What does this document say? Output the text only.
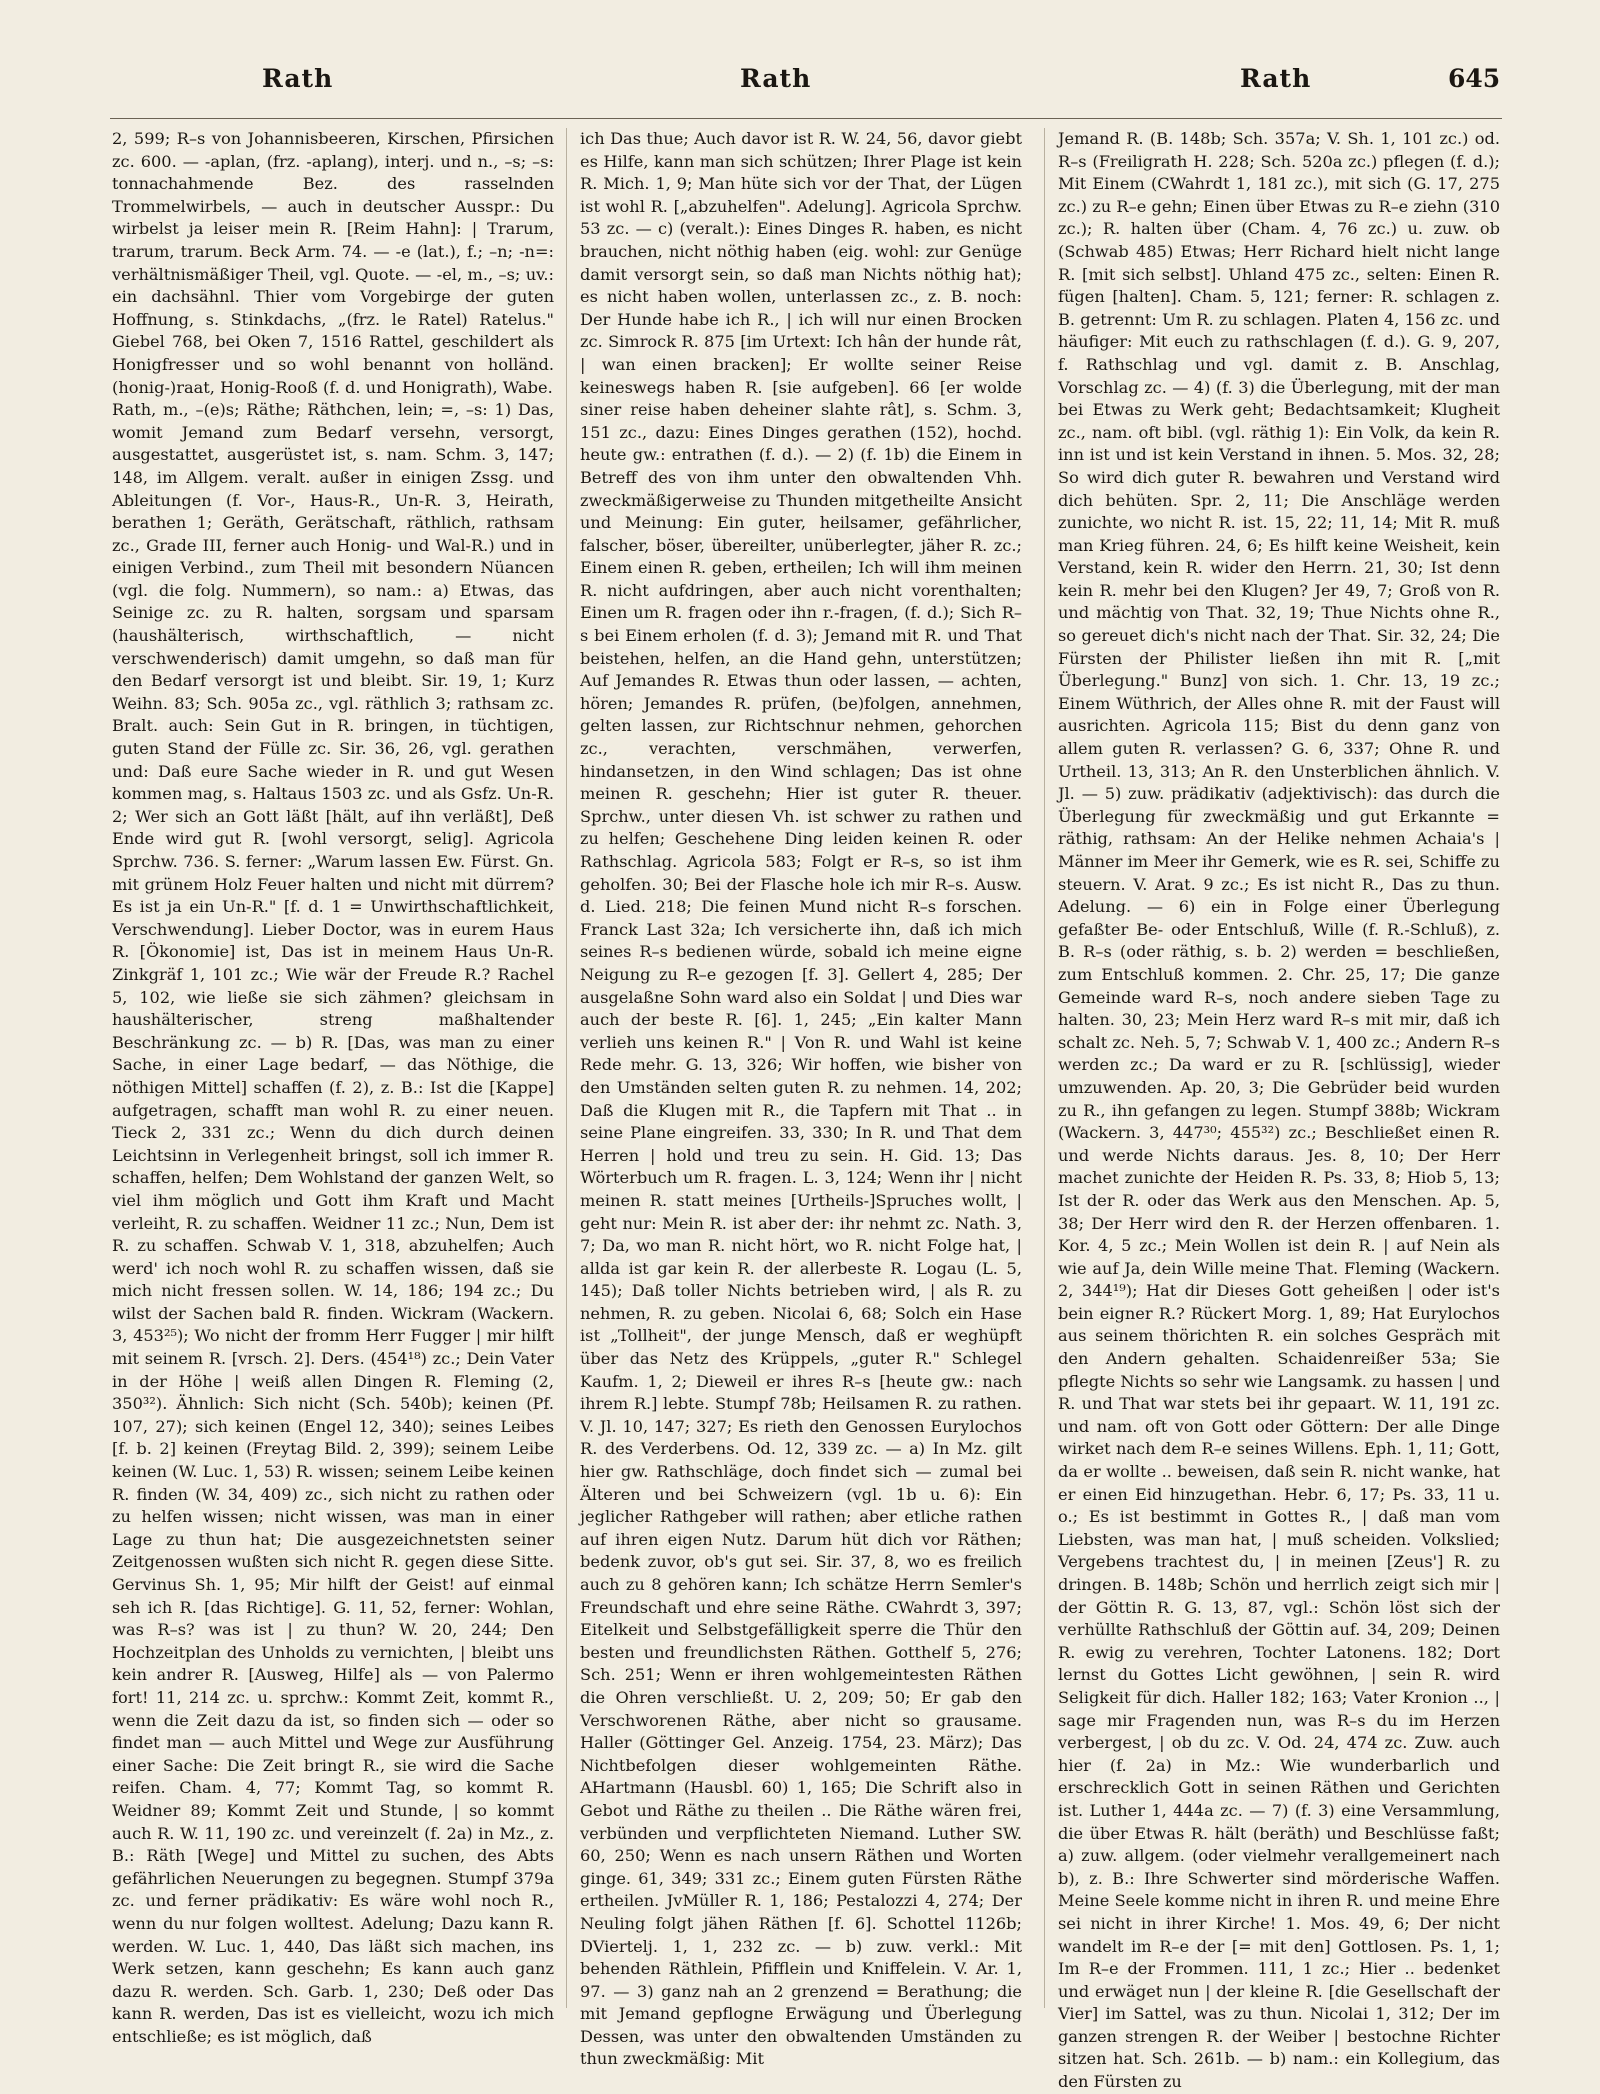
Rath	Rath	Rath	645

2, 599; R–s von Johannisbeeren, Kirschen, Pfirsichen zc. 600. — -aplan, (frz. -aplang), interj. und n., –s; –s: tonnachahmende Bez. des rasselnden Trommelwirbels, — auch in deutscher Ausspr.: Du wirbelst ja leiser mein R. [Reim Hahn]: | Trarum, trarum, trarum. Beck Arm. 74. — -e (lat.), f.; –n; -n=: verhältnismäßiger Theil, vgl. Quote. — -el, m., –s; uv.: ein dachsähnl. Thier vom Vorgebirge der guten Hoffnung, s. Stinkdachs, „(frz. le Ratel) Ratelus." Giebel 768, bei Oken 7, 1516 Rattel, geschildert als Honigfresser und so wohl benannt von holländ. (honig-)raat, Honig-Rooß (f. d. und Honigrath), Wabe.

Rath, m., –(e)s; Räthe; Räthchen, lein; =, –s: 1) Das, womit Jemand zum Bedarf versehn, versorgt, ausgestattet, ausgerüstet ist, s. nam. Schm. 3, 147; 148, im Allgem. veralt. außer in einigen Zssg. und Ableitungen (f. Vor-, Haus-R., Un-R. 3, Heirath, berathen 1; Geräth, Gerätschaft, räthlich, rathsam zc., Grade III, ferner auch Honig- und Wal-R.) und in einigen Verbind., zum Theil mit besondern Nüancen (vgl. die folg. Nummern), so nam.: a) Etwas, das Seinige zc. zu R. halten, sorgsam und sparsam (haushälterisch, wirthschaftlich, — nicht verschwenderisch) damit umgehn, so daß man für den Bedarf versorgt ist und bleibt. Sir. 19, 1; Kurz Weihn. 83; Sch. 905a zc., vgl. räthlich 3; rathsam zc. Bralt. auch: Sein Gut in R. bringen, in tüchtigen, guten Stand der Fülle zc. Sir. 36, 26, vgl. gerathen und: Daß eure Sache wieder in R. und gut Wesen kommen mag, s. Haltaus 1503 zc. und als Gsfz. Un-R. 2; Wer sich an Gott läßt [hält, auf ihn verläßt], Deß Ende wird gut R. [wohl versorgt, selig]. Agricola Sprchw. 736. S. ferner: „Warum lassen Ew. Fürst. Gn. mit grünem Holz Feuer halten und nicht mit dürrem? Es ist ja ein Un-R." [f. d. 1 = Unwirthschaftlichkeit, Verschwendung]. Lieber Doctor, was in eurem Haus R. [Ökonomie] ist, Das ist in meinem Haus Un-R. Zinkgräf 1, 101 zc.; Wie wär der Freude R.? Rachel 5, 102, wie ließe sie sich zähmen? gleichsam in haushälterischer, streng maßhaltender Beschränkung zc. — b) R. [Das, was man zu einer Sache, in einer Lage bedarf, — das Nöthige, die nöthigen Mittel] schaffen (f. 2), z. B.: Ist die [Kappe] aufgetragen, schafft man wohl R. zu einer neuen. Tieck 2, 331 zc.; Wenn du dich durch deinen Leichtsinn in Verlegenheit bringst, soll ich immer R. schaffen, helfen; Dem Wohlstand der ganzen Welt, so viel ihm möglich und Gott ihm Kraft und Macht verleiht, R. zu schaffen. Weidner 11 zc.; Nun, Dem ist R. zu schaffen. Schwab V. 1, 318, abzuhelfen; Auch werd' ich noch wohl R. zu schaffen wissen, daß sie mich nicht fressen sollen. W. 14, 186; 194 zc.; Du wilst der Sachen bald R. finden. Wickram (Wackern. 3, 453²⁵); Wo nicht der fromm Herr Fugger | mir hilft mit seinem R. [vrsch. 2]. Ders. (454¹⁸) zc.; Dein Vater in der Höhe | weiß allen Dingen R. Fleming (2, 350³²). Ähnlich: Sich nicht (Sch. 540b); keinen (Pf. 107, 27); sich keinen (Engel 12, 340); seines Leibes [f. b. 2] keinen (Freytag Bild. 2, 399); seinem Leibe keinen (W. Luc. 1, 53) R. wissen; seinem Leibe keinen R. finden (W. 34, 409) zc., sich nicht zu rathen oder zu helfen wissen; nicht wissen, was man in einer Lage zu thun hat; Die ausgezeichnetsten seiner Zeitgenossen wußten sich nicht R. gegen diese Sitte. Gervinus Sh. 1, 95; Mir hilft der Geist! auf einmal seh ich R. [das Richtige]. G. 11, 52, ferner: Wohlan, was R–s? was ist | zu thun? W. 20, 244; Den Hochzeitplan des Unholds zu vernichten, | bleibt uns kein andrer R. [Ausweg, Hilfe] als — von Palermo fort! 11, 214 zc. u. sprchw.: Kommt Zeit, kommt R., wenn die Zeit dazu da ist, so finden sich — oder so findet man — auch Mittel und Wege zur Ausführung einer Sache: Die Zeit bringt R., sie wird die Sache reifen. Cham. 4, 77; Kommt Tag, so kommt R. Weidner 89; Kommt Zeit und Stunde, | so kommt auch R. W. 11, 190 zc. und vereinzelt (f. 2a) in Mz., z. B.: Räth [Wege] und Mittel zu suchen, des Abts gefährlichen Neuerungen zu begegnen. Stumpf 379a zc. und ferner prädikativ: Es wäre wohl noch R., wenn du nur folgen wolltest. Adelung; Dazu kann R. werden. W. Luc. 1, 440, Das läßt sich machen, ins Werk setzen, kann geschehn; Es kann auch ganz dazu R. werden. Sch. Garb. 1, 230; Deß oder Das kann R. werden, Das ist es vielleicht, wozu ich mich entschließe; es ist möglich, daß

ich Das thue; Auch davor ist R. W. 24, 56, davor giebt es Hilfe, kann man sich schützen; Ihrer Plage ist kein R. Mich. 1, 9; Man hüte sich vor der That, der Lügen ist wohl R. [„abzuhelfen". Adelung]. Agricola Sprchw. 53 zc. — c) (veralt.): Eines Dinges R. haben, es nicht brauchen, nicht nöthig haben (eig. wohl: zur Genüge damit versorgt sein, so daß man Nichts nöthig hat); es nicht haben wollen, unterlassen zc., z. B. noch: Der Hunde habe ich R., | ich will nur einen Brocken zc. Simrock R. 875 [im Urtext: Ich hân der hunde rât, | wan einen bracken]; Er wollte seiner Reise keineswegs haben R. [sie aufgeben]. 66 [er wolde siner reise haben deheiner slahte rât], s. Schm. 3, 151 zc., dazu: Eines Dinges gerathen (152), hochd. heute gw.: entrathen (f. d.). — 2) (f. 1b) die Einem in Betreff des von ihm unter den obwaltenden Vhh. zweckmäßigerweise zu Thunden mitgetheilte Ansicht und Meinung: Ein guter, heilsamer, gefährlicher, falscher, böser, übereilter, unüberlegter, jäher R. zc.; Einem einen R. geben, ertheilen; Ich will ihm meinen R. nicht aufdringen, aber auch nicht vorenthalten; Einen um R. fragen oder ihn r.-fragen, (f. d.); Sich R–s bei Einem erholen (f. d. 3); Jemand mit R. und That beistehen, helfen, an die Hand gehn, unterstützen; Auf Jemandes R. Etwas thun oder lassen, — achten, hören; Jemandes R. prüfen, (be)folgen, annehmen, gelten lassen, zur Richtschnur nehmen, gehorchen zc., verachten, verschmähen, verwerfen, hindansetzen, in den Wind schlagen; Das ist ohne meinen R. geschehn; Hier ist guter R. theuer. Sprchw., unter diesen Vh. ist schwer zu rathen und zu helfen; Geschehene Ding leiden keinen R. oder Rathschlag. Agricola 583; Folgt er R–s, so ist ihm geholfen. 30; Bei der Flasche hole ich mir R–s. Ausw. d. Lied. 218; Die feinen Mund nicht R–s forschen. Franck Last 32a; Ich versicherte ihn, daß ich mich seines R–s bedienen würde, sobald ich meine eigne Neigung zu R–e gezogen [f. 3]. Gellert 4, 285; Der ausgelaßne Sohn ward also ein Soldat | und Dies war auch der beste R. [6]. 1, 245; „Ein kalter Mann verlieh uns keinen R." | Von R. und Wahl ist keine Rede mehr. G. 13, 326; Wir hoffen, wie bisher von den Umständen selten guten R. zu nehmen. 14, 202; Daß die Klugen mit R., die Tapfern mit That .. in seine Plane eingreifen. 33, 330; In R. und That dem Herren | hold und treu zu sein. H. Gid. 13; Das Wörterbuch um R. fragen. L. 3, 124; Wenn ihr | nicht meinen R. statt meines [Urtheils-]Spruches wollt, | geht nur: Mein R. ist aber der: ihr nehmt zc. Nath. 3, 7; Da, wo man R. nicht hört, wo R. nicht Folge hat, | allda ist gar kein R. der allerbeste R. Logau (L. 5, 145); Daß toller Nichts betrieben wird, | als R. zu nehmen, R. zu geben. Nicolai 6, 68; Solch ein Hase ist „Tollheit", der junge Mensch, daß er weghüpft über das Netz des Krüppels, „guter R." Schlegel Kaufm. 1, 2; Dieweil er ihres R–s [heute gw.: nach ihrem R.] lebte. Stumpf 78b; Heilsamen R. zu rathen. V. Jl. 10, 147; 327; Es rieth den Genossen Eurylochos R. des Verderbens. Od. 12, 339 zc. — a) In Mz. gilt hier gw. Rathschläge, doch findet sich — zumal bei Älteren und bei Schweizern (vgl. 1b u. 6): Ein jeglicher Rathgeber will rathen; aber etliche rathen auf ihren eigen Nutz. Darum hüt dich vor Räthen; bedenk zuvor, ob's gut sei. Sir. 37, 8, wo es freilich auch zu 8 gehören kann; Ich schätze Herrn Semler's Freundschaft und ehre seine Räthe. CWahrdt 3, 397; Eitelkeit und Selbstgefälligkeit sperre die Thür den besten und freundlichsten Räthen. Gotthelf 5, 276; Sch. 251; Wenn er ihren wohlgemeintesten Räthen die Ohren verschließt. U. 2, 209; 50; Er gab den Verschworenen Räthe, aber nicht so grausame. Haller (Göttinger Gel. Anzeig. 1754, 23. März); Das Nichtbefolgen dieser wohlgemeinten Räthe. AHartmann (Hausbl. 60) 1, 165; Die Schrift also in Gebot und Räthe zu theilen .. Die Räthe wären frei, verbünden und verpflichteten Niemand. Luther SW. 60, 250; Wenn es nach unsern Räthen und Worten ginge. 61, 349; 331 zc.; Einem guten Fürsten Räthe ertheilen. JvMüller R. 1, 186; Pestalozzi 4, 274; Der Neuling folgt jähen Räthen [f. 6]. Schottel 1126b; DViertelj. 1, 1, 232 zc. — b) zuw. verkl.: Mit behenden Räthlein, Pfifflein und Kniffelein. V. Ar. 1, 97. — 3) ganz nah an 2 grenzend = Berathung; die mit Jemand gepflogne Erwägung und Überlegung Dessen, was unter den obwaltenden Umständen zu thun zweckmäßig: Mit

Jemand R. (B. 148b; Sch. 357a; V. Sh. 1, 101 zc.) od. R–s (Freiligrath H. 228; Sch. 520a zc.) pflegen (f. d.); Mit Einem (CWahrdt 1, 181 zc.), mit sich (G. 17, 275 zc.) zu R–e gehn; Einen über Etwas zu R–e ziehn (310 zc.); R. halten über (Cham. 4, 76 zc.) u. zuw. ob (Schwab 485) Etwas; Herr Richard hielt nicht lange R. [mit sich selbst]. Uhland 475 zc., selten: Einen R. fügen [halten]. Cham. 5, 121; ferner: R. schlagen z. B. getrennt: Um R. zu schlagen. Platen 4, 156 zc. und häufiger: Mit euch zu rathschlagen (f. d.). G. 9, 207, f. Rathschlag und vgl. damit z. B. Anschlag, Vorschlag zc. — 4) (f. 3) die Überlegung, mit der man bei Etwas zu Werk geht; Bedachtsamkeit; Klugheit zc., nam. oft bibl. (vgl. räthig 1): Ein Volk, da kein R. inn ist und ist kein Verstand in ihnen. 5. Mos. 32, 28; So wird dich guter R. bewahren und Verstand wird dich behüten. Spr. 2, 11; Die Anschläge werden zunichte, wo nicht R. ist. 15, 22; 11, 14; Mit R. muß man Krieg führen. 24, 6; Es hilft keine Weisheit, kein Verstand, kein R. wider den Herrn. 21, 30; Ist denn kein R. mehr bei den Klugen? Jer 49, 7; Groß von R. und mächtig von That. 32, 19; Thue Nichts ohne R., so gereuet dich's nicht nach der That. Sir. 32, 24; Die Fürsten der Philister ließen ihn mit R. [„mit Überlegung." Bunz] von sich. 1. Chr. 13, 19 zc.; Einem Wüthrich, der Alles ohne R. mit der Faust will ausrichten. Agricola 115; Bist du denn ganz von allem guten R. verlassen? G. 6, 337; Ohne R. und Urtheil. 13, 313; An R. den Unsterblichen ähnlich. V. Jl. — 5) zuw. prädikativ (adjektivisch): das durch die Überlegung für zweckmäßig und gut Erkannte = räthig, rathsam: An der Helike nehmen Achaia's | Männer im Meer ihr Gemerk, wie es R. sei, Schiffe zu steuern. V. Arat. 9 zc.; Es ist nicht R., Das zu thun. Adelung. — 6) ein in Folge einer Überlegung gefaßter Be- oder Entschluß, Wille (f. R.-Schluß), z. B. R–s (oder räthig, s. b. 2) werden = beschließen, zum Entschluß kommen. 2. Chr. 25, 17; Die ganze Gemeinde ward R–s, noch andere sieben Tage zu halten. 30, 23; Mein Herz ward R–s mit mir, daß ich schalt zc. Neh. 5, 7; Schwab V. 1, 400 zc.; Andern R–s werden zc.; Da ward er zu R. [schlüssig], wieder umzuwenden. Ap. 20, 3; Die Gebrüder beid wurden zu R., ihn gefangen zu legen. Stumpf 388b; Wickram (Wackern. 3, 447³⁰; 455³²) zc.; Beschließet einen R. und werde Nichts daraus. Jes. 8, 10; Der Herr machet zunichte der Heiden R. Ps. 33, 8; Hiob 5, 13; Ist der R. oder das Werk aus den Menschen. Ap. 5, 38; Der Herr wird den R. der Herzen offenbaren. 1. Kor. 4, 5 zc.; Mein Wollen ist dein R. | auf Nein als wie auf Ja, dein Wille meine That. Fleming (Wackern. 2, 344¹⁹); Hat dir Dieses Gott geheißen | oder ist's bein eigner R.? Rückert Morg. 1, 89; Hat Eurylochos aus seinem thörichten R. ein solches Gespräch mit den Andern gehalten. Schaidenreißer 53a; Sie pflegte Nichts so sehr wie Langsamk. zu hassen | und R. und That war stets bei ihr gepaart. W. 11, 191 zc. und nam. oft von Gott oder Göttern: Der alle Dinge wirket nach dem R–e seines Willens. Eph. 1, 11; Gott, da er wollte .. beweisen, daß sein R. nicht wanke, hat er einen Eid hinzugethan. Hebr. 6, 17; Ps. 33, 11 u. o.; Es ist bestimmt in Gottes R., | daß man vom Liebsten, was man hat, | muß scheiden. Volkslied; Vergebens trachtest du, | in meinen [Zeus'] R. zu dringen. B. 148b; Schön und herrlich zeigt sich mir | der Göttin R. G. 13, 87, vgl.: Schön löst sich der verhüllte Rathschluß der Göttin auf. 34, 209; Deinen R. ewig zu verehren, Tochter Latonens. 182; Dort lernst du Gottes Licht gewöhnen, | sein R. wird Seligkeit für dich. Haller 182; 163; Vater Kronion .., | sage mir Fragenden nun, was R–s du im Herzen verbergest, | ob du zc. V. Od. 24, 474 zc. Zuw. auch hier (f. 2a) in Mz.: Wie wunderbarlich und erschrecklich Gott in seinen Räthen und Gerichten ist. Luther 1, 444a zc. — 7) (f. 3) eine Versammlung, die über Etwas R. hält (beräth) und Beschlüsse faßt; a) zuw. allgem. (oder vielmehr verallgemeinert nach b), z. B.: Ihre Schwerter sind mörderische Waffen. Meine Seele komme nicht in ihren R. und meine Ehre sei nicht in ihrer Kirche! 1. Mos. 49, 6; Der nicht wandelt im R–e der [= mit den] Gottlosen. Ps. 1, 1; Im R–e der Frommen. 111, 1 zc.; Hier .. bedenket und erwäget nun | der kleine R. [die Gesellschaft der Vier] im Sattel, was zu thun. Nicolai 1, 312; Der im ganzen strengen R. der Weiber | bestochne Richter sitzen hat. Sch. 261b. — b) nam.: ein Kollegium, das den Fürsten zu
